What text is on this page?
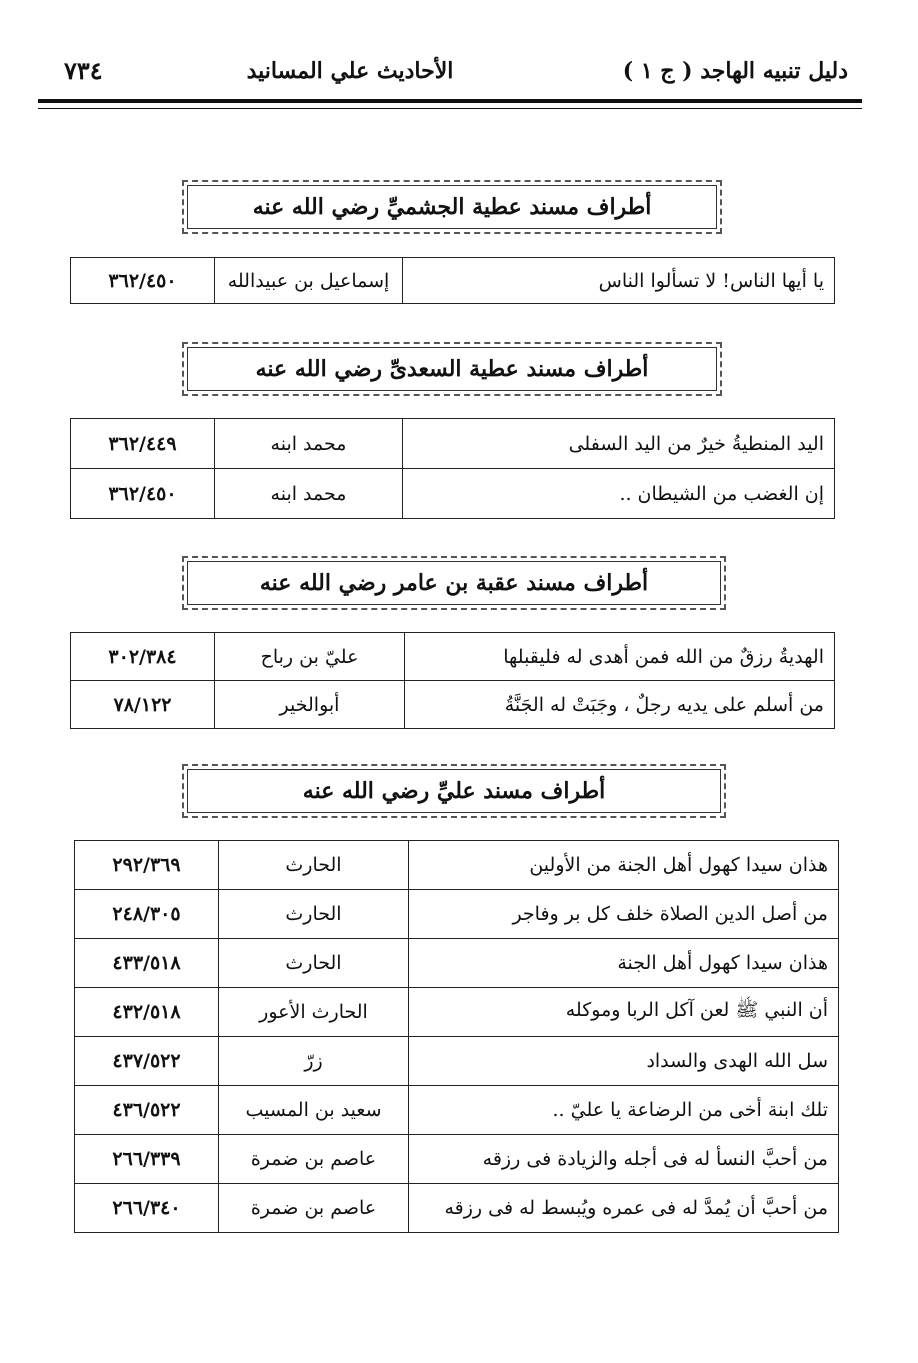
دليل تنبيه الهاجد ( ج ١ )
الأحاديث علي المسانيد
٧٣٤
أطراف مسند عطية الجشميِّ رضي الله عنه
يا أيها الناس! لا تسألوا الناس	إسماعيل بن عبيدالله	٣٦٢/٤٥٠
أطراف مسند عطية السعدىِّ رضي الله عنه
اليد المنطيةُ خيرٌ من اليد السفلى	محمد ابنه	٣٦٢/٤٤٩
إن الغضب من الشيطان ..	محمد ابنه	٣٦٢/٤٥٠
أطراف مسند عقبة بن عامر رضي الله عنه
الهديةُ رزقٌ من الله فمن أهدى له فليقبلها	عليّ بن رباح	٣٠٢/٣٨٤
من أسلم على يديه رجلٌ ، وجَبَتْ له الجَنَّةُ	أبوالخير	٧٨/١٢٢
أطراف مسند عليِّ رضي الله عنه
هذان سيدا كهول أهل الجنة من الأولين	الحارث	٢٩٢/٣٦٩
من أصل الدين الصلاة خلف كل بر وفاجر	الحارث	٢٤٨/٣٠٥
هذان سيدا كهول أهل الجنة	الحارث	٤٣٣/٥١٨
أن النبي ﷺ لعن آكل الربا وموكله	الحارث الأعور	٤٣٢/٥١٨
سل الله الهدى والسداد	زرّ	٤٣٧/٥٢٢
تلك ابنة أخى من الرضاعة يا عليّ ..	سعيد بن المسيب	٤٣٦/٥٢٢
من أحبَّ النسأ له فى أجله والزيادة فى رزقه	عاصم بن ضمرة	٢٦٦/٣٣٩
من أحبَّ أن يُمدَّ له فى عمره ويُبسط له فى رزقه	عاصم بن ضمرة	٢٦٦/٣٤٠
